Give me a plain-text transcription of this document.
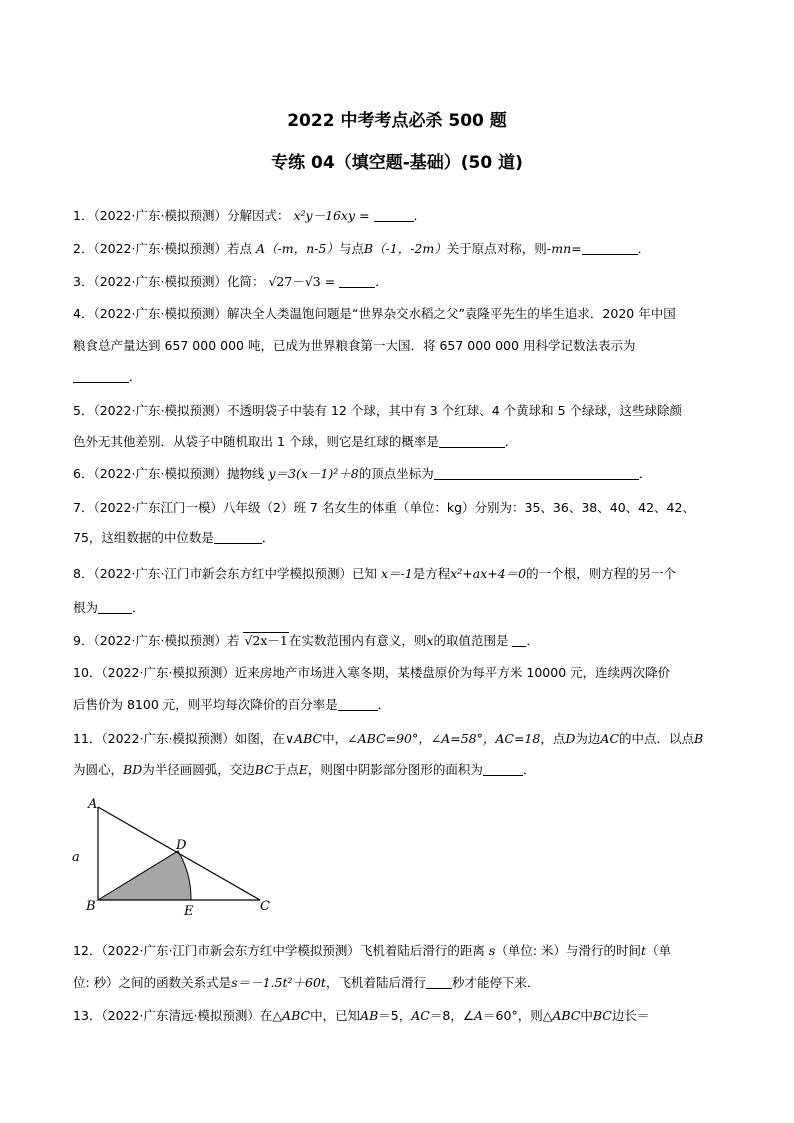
2022 中考考点必杀 500 题
专练 04（填空题-基础）(50 道)
1．（2022·广东·模拟预测）分解因式： x²y－16xy =	．
2．（2022·广东·模拟预测）若点 A（-m，n-5）与点B（-1，-2m）关于原点对称，则-mn=	．
3．（2022·广东·模拟预测）化简： √27－√3 =	．
4．（2022·广东·模拟预测）解决全人类温饱问题是“世界杂交水稻之父”袁隆平先生的毕生追求．2020 年中国
粮食总产量达到 657 000 000 吨，已成为世界粮食第一大国．将 657 000 000 用科学记数法表示为
．
5．（2022·广东·模拟预测）不透明袋子中装有 12 个球，其中有 3 个红球、4 个黄球和 5 个绿球，这些球除颜
色外无其他差别．从袋子中随机取出 1 个球，则它是红球的概率是	．
6．（2022·广东·模拟预测）抛物线 y＝3(x－1)²＋8的顶点坐标为	．
7．（2022·广东江门一模）八年级（2）班 7 名女生的体重（单位：kg）分别为：35、36、38、40、42、42、
75，这组数据的中位数是	．
8．（2022·广东·江门市新会东方红中学模拟预测）已知 x＝-1是方程x²+ax+4＝0的一个根，则方程的另一个
根为	．
9．（2022·广东·模拟预测）若 √2x－1在实数范围内有意义，则x的取值范围是 ．
10．（2022·广东·模拟预测）近来房地产市场进入寒冬期，某楼盘原价为每平方米 10000 元，连续两次降价
后售价为 8100 元，则平均每次降价的百分率是	．
11．（2022·广东·模拟预测）如图，在∨ABC中，∠ABC=90°，∠A=58°，AC=18，点D为边AC的中点．以点B
为圆心，BD为半径画圆弧，交边BC于点E，则图中阴影部分图形的面积为	．
A
B	C
D
E
a
12．（2022·广东·江门市新会东方红中学模拟预测）飞机着陆后滑行的距离 s（单位: 米）与滑行的时间t（单
位: 秒）之间的函数关系式是s＝－1.5t²＋60t，飞机着陆后滑行 秒才能停下来．
13．（2022·广东清远·模拟预测）在△ABC中，已知AB＝5，AC＝8，∠A＝60°，则△ABC中BC边长＝
